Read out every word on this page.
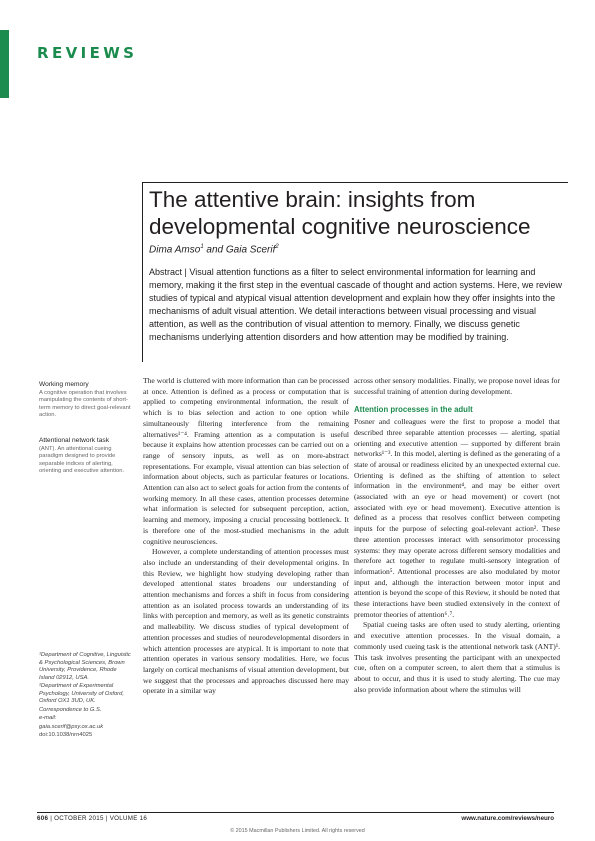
REVIEWS
The attentive brain: insights from developmental cognitive neuroscience

Dima Amso$^1$ and Gaia Scerif$^2$

Abstract | Visual attention functions as a filter to select environmental information for learning and memory, making it the first step in the eventual cascade of thought and action systems. Here, we review studies of typical and atypical visual attention development and explain how they offer insights into the mechanisms of adult visual attention. We detail interactions between visual processing and visual attention, as well as the contribution of visual attention to memory. Finally, we discuss genetic mechanisms underlying attention disorders and how attention may be modified by training.

Working memory
A cognitive operation that involves manipulating the contents of short-term memory to direct goal-relevant action.
Attentional network task
(ANT). An attentional cueing paradigm designed to provide separable indices of alerting, orienting and executive attention.

¹Department of Cognitive, Linguistic & Psychological Sciences, Brown University, Providence, Rhode Island 02912, USA.

²Department of Experimental Psychology, University of Oxford, Oxford OX1 3UD, UK.

Correspondence to G.S.

e-mail:

gaia.scerif@psy.ox.ac.uk

doi:10.1038/nrn4025

The world is cluttered with more information than can be processed at once. Attention is defined as a process or computation that is applied to competing environmental information, the result of which is to bias selection and action to one option while simultaneously filtering interference from the remaining alternatives¹⁻⁴. Framing attention as a computation is useful because it explains how attention processes can be carried out on a range of sensory inputs, as well as on more-abstract representations. For example, visual attention can bias selection of information about objects, such as particular features or locations. Attention can also act to select goals for action from the contents of working memory. In all these cases, attention processes determine what information is selected for subsequent perception, action, learning and memory, imposing a crucial processing bottleneck. It is therefore one of the most-studied mechanisms in the adult cognitive neurosciences.

However, a complete understanding of attention processes must also include an understanding of their developmental origins. In this Review, we highlight how studying developing rather than developed attentional states broadens our understanding of attention mechanisms and forces a shift in focus from considering attention as an isolated process towards an understanding of its links with perception and memory, as well as its genetic constraints and malleability. We discuss studies of typical development of attention processes and studies of neurodevelopmental disorders in which attention processes are atypical. It is important to note that attention operates in various sensory modalities. Here, we focus largely on cortical mechanisms of visual attention development, but we suggest that the processes and approaches discussed here may operate in a similar way

across other sensory modalities. Finally, we propose novel ideas for successful training of attention during development.

Attention processes in the adult

Posner and colleagues were the first to propose a model that described three separable attention processes — alerting, spatial orienting and executive attention — supported by different brain networks¹⁻³. In this model, alerting is defined as the generating of a state of arousal or readiness elicited by an unexpected external cue. Orienting is defined as the shifting of attention to select information in the environment⁴, and may be either overt (associated with an eye or head movement) or covert (not associated with eye or head movement). Executive attention is defined as a process that resolves conflict between competing inputs for the purpose of selecting goal-relevant action². These three attention processes interact with sensorimotor processing systems: they may operate across different sensory modalities and therefore act together to regulate multi-sensory integration of information⁵. Attentional processes are also modulated by motor input and, although the interaction between motor input and attention is beyond the scope of this Review, it should be noted that these interactions have been studied extensively in the context of premotor theories of attention⁶˒⁷.

Spatial cueing tasks are often used to study alerting, orienting and executive attention processes. In the visual domain, a commonly used cueing task is the attentional network task (ANT)¹. This task involves presenting the participant with an unexpected cue, often on a computer screen, to alert them that a stimulus is about to occur, and thus it is used to study alerting. The cue may also provide information about where the stimulus will

606 | OCTOBER 2015 | VOLUME 16	www.nature.com/reviews/neuro
© 2015 Macmillan Publishers Limited. All rights reserved
